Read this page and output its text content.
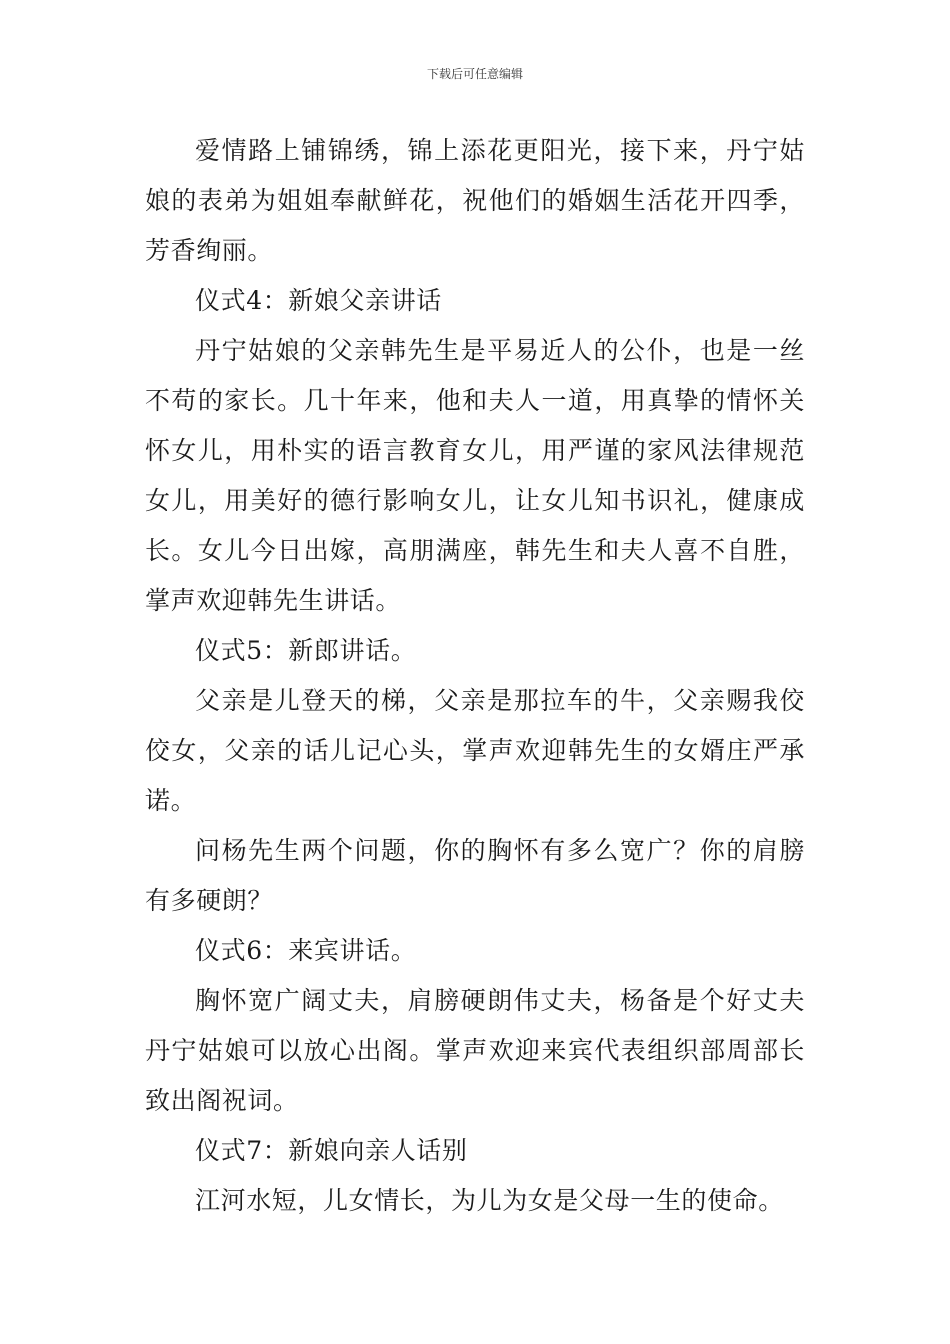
下载后可任意编辑

爱情路上铺锦绣，锦上添花更阳光，接下来，丹宁姑娘的表弟为姐姐奉献鲜花，祝他们的婚姻生活花开四季，芳香绚丽。

仪式4：新娘父亲讲话

丹宁姑娘的父亲韩先生是平易近人的公仆，也是一丝不苟的家长。几十年来，他和夫人一道，用真挚的情怀关怀女儿，用朴实的语言教育女儿，用严谨的家风法律规范女儿，用美好的德行影响女儿，让女儿知书识礼，健康成长。女儿今日出嫁，高朋满座，韩先生和夫人喜不自胜，掌声欢迎韩先生讲话。

仪式5：新郎讲话。

父亲是儿登天的梯，父亲是那拉车的牛，父亲赐我佼佼女，父亲的话儿记心头，掌声欢迎韩先生的女婿庄严承诺。

问杨先生两个问题，你的胸怀有多么宽广？你的肩膀有多硬朗？

仪式6：来宾讲话。

胸怀宽广阔丈夫，肩膀硬朗伟丈夫，杨备是个好丈夫丹宁姑娘可以放心出阁。掌声欢迎来宾代表组织部周部长致出阁祝词。

仪式7：新娘向亲人话别

江河水短，儿女情长，为儿为女是父母一生的使命。
